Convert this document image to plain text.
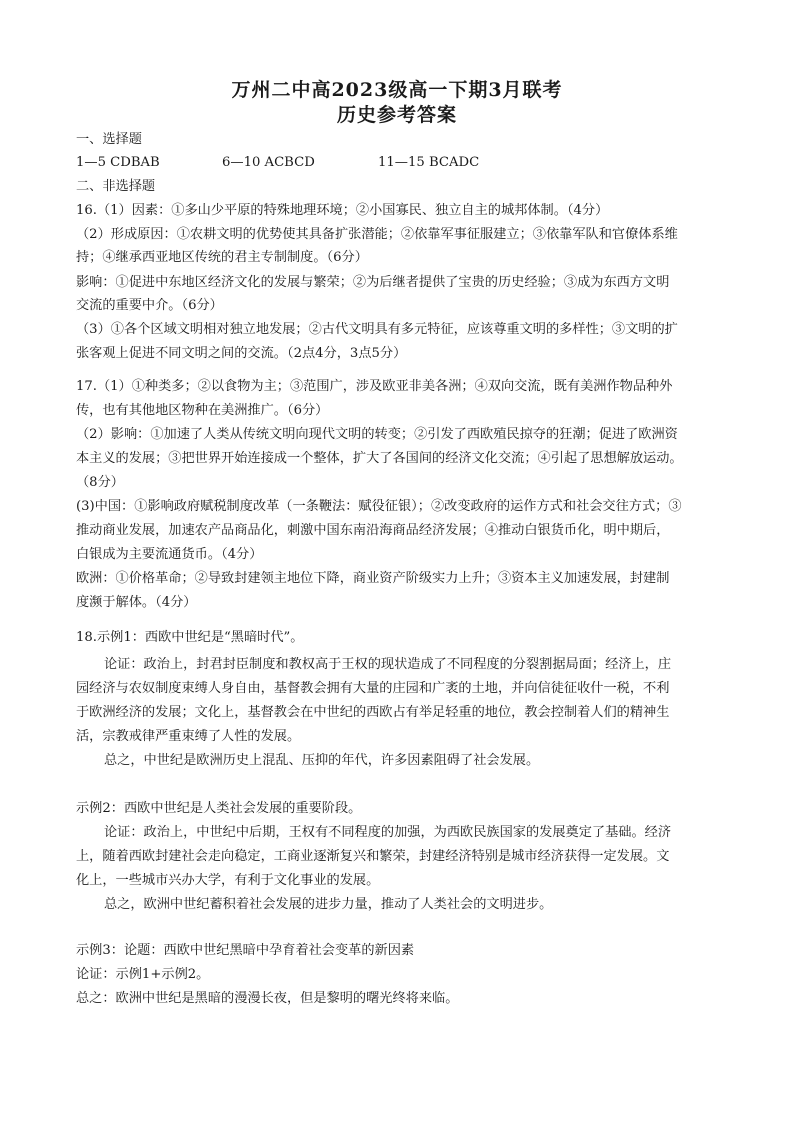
万州二中高2023级高一下期3月联考
历史参考答案
一、选择题
1—5 CDBAB	6—10 ACBCD	11—15 BCADC
二、非选择题
16.（1）因素：①多山少平原的特殊地理环境；②小国寡民、独立自主的城邦体制。（4分）
（2）形成原因：①农耕文明的优势使其具备扩张潜能；②依靠军事征服建立；③依靠军队和官僚体系维
持；④继承西亚地区传统的君主专制制度。（6分）
影响：①促进中东地区经济文化的发展与繁荣；②为后继者提供了宝贵的历史经验；③成为东西方文明
交流的重要中介。（6分）
（3）①各个区域文明相对独立地发展；②古代文明具有多元特征，应该尊重文明的多样性；③文明的扩
张客观上促进不同文明之间的交流。（2点4分，3点5分）
17.（1）①种类多；②以食物为主；③范围广，涉及欧亚非美各洲；④双向交流，既有美洲作物品种外
传，也有其他地区物种在美洲推广。（6分）
（2）影响：①加速了人类从传统文明向现代文明的转变；②引发了西欧殖民掠夺的狂潮；促进了欧洲资
本主义的发展；③把世界开始连接成一个整体，扩大了各国间的经济文化交流；④引起了思想解放运动。
（8分）
(3)中国：①影响政府赋税制度改革（一条鞭法：赋役征银）；②改变政府的运作方式和社会交往方式；③
推动商业发展，加速农产品商品化，刺激中国东南沿海商品经济发展；④推动白银货币化，明中期后，
白银成为主要流通货币。（4分）
欧洲：①价格革命；②导致封建领主地位下降，商业资产阶级实力上升；③资本主义加速发展，封建制
度濒于解体。（4分）
18.示例1：西欧中世纪是“黑暗时代”。
论证：政治上，封君封臣制度和教权高于王权的现状造成了不同程度的分裂割据局面；经济上，庄
园经济与农奴制度束缚人身自由，基督教会拥有大量的庄园和广袤的土地，并向信徒征收什一税，不利
于欧洲经济的发展；文化上，基督教会在中世纪的西欧占有举足轻重的地位，教会控制着人们的精神生
活，宗教戒律严重束缚了人性的发展。
总之，中世纪是欧洲历史上混乱、压抑的年代，许多因素阻碍了社会发展。
示例2：西欧中世纪是人类社会发展的重要阶段。
论证：政治上，中世纪中后期，王权有不同程度的加强，为西欧民族国家的发展奠定了基础。经济
上，随着西欧封建社会走向稳定，工商业逐渐复兴和繁荣，封建经济特别是城市经济获得一定发展。文
化上，一些城市兴办大学，有利于文化事业的发展。
总之，欧洲中世纪蓄积着社会发展的进步力量，推动了人类社会的文明进步。
示例3：论题：西欧中世纪黑暗中孕育着社会变革的新因素
论证：示例1+示例2。
总之：欧洲中世纪是黑暗的漫漫长夜，但是黎明的曙光终将来临。
